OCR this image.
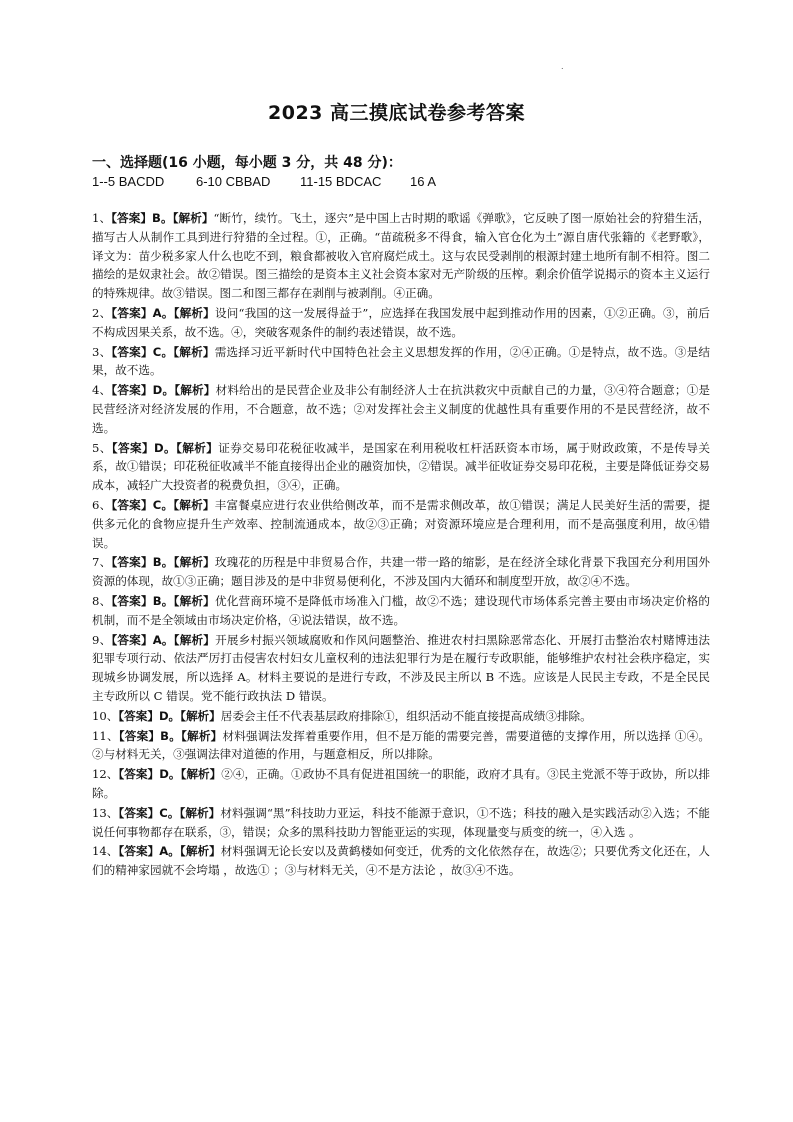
.
2023 高三摸底试卷参考答案
一、选择题(16 小题，每小题 3 分，共 48 分)：
1--5 BACDD 6-10 CBBAD 11-15 BDCAC 16 A

1、【答案】B。【解析】“断竹，续竹。飞土，逐宍”是中国上古时期的歌谣《弹歌》，它反映了图一原始社会的狩猎生活，描写古人从制作工具到进行狩猎的全过程。①，正确。“苗疏税多不得食，输入官仓化为土”源自唐代张籍的《老野歌》，译文为：苗少税多家人什么也吃不到，粮食都被收入官府腐烂成土。这与农民受剥削的根源封建土地所有制不相符。图二描绘的是奴隶社会。故②错误。图三描绘的是资本主义社会资本家对无产阶级的压榨。剩余价值学说揭示的资本主义运行的特殊规律。故③错误。图二和图三都存在剥削与被剥削。④正确。

2、【答案】A。【解析】设问“我国的这一发展得益于”，应选择在我国发展中起到推动作用的因素，①②正确。③，前后不构成因果关系，故不选。④，突破客观条件的制约表述错误，故不选。

3、【答案】C。【解析】需选择习近平新时代中国特色社会主义思想发挥的作用，②④正确。①是特点，故不选。③是结果，故不选。

4、【答案】D。【解析】材料给出的是民营企业及非公有制经济人士在抗洪救灾中贡献自己的力量，③④符合题意；①是民营经济对经济发展的作用，不合题意，故不选；②对发挥社会主义制度的优越性具有重要作用的不是民营经济，故不选。

5、【答案】D。【解析】证券交易印花税征收减半，是国家在利用税收杠杆活跃资本市场，属于财政政策，不是传导关系，故①错误；印花税征收减半不能直接得出企业的融资加快，②错误。减半征收证券交易印花税，主要是降低证券交易成本，减轻广大投资者的税费负担，③④，正确。

6、【答案】C。【解析】丰富餐桌应进行农业供给侧改革，而不是需求侧改革，故①错误；满足人民美好生活的需要，提供多元化的食物应提升生产效率、控制流通成本，故②③正确；对资源环境应是合理利用，而不是高强度利用，故④错误。

7、【答案】B。【解析】玫瑰花的历程是中非贸易合作，共建一带一路的缩影，是在经济全球化背景下我国充分利用国外资源的体现，故①③正确；题目涉及的是中非贸易便利化，不涉及国内大循环和制度型开放，故②④不选。

8、【答案】B。【解析】优化营商环境不是降低市场准入门槛，故②不选；建设现代市场体系完善主要由市场决定价格的机制，而不是全领域由市场决定价格，④说法错误，故不选。

9、【答案】A。【解析】开展乡村振兴领域腐败和作风问题整治、推进农村扫黑除恶常态化、开展打击整治农村赌博违法犯罪专项行动、依法严厉打击侵害农村妇女儿童权利的违法犯罪行为是在履行专政职能，能够维护农村社会秩序稳定，实现城乡协调发展，所以选择 A。材料主要说的是进行专政，不涉及民主所以 B 不选。应该是人民民主专政，不是全民民主专政所以 C 错误。党不能行政执法 D 错误。

10、【答案】D。【解析】居委会主任不代表基层政府排除①，组织活动不能直接提高成绩③排除。

11、【答案】B。【解析】材料强调法发挥着重要作用，但不是万能的需要完善，需要道德的支撑作用，所以选择 ①④。②与材料无关，③强调法律对道德的作用，与题意相反，所以排除。

12、【答案】D。【解析】②④，正确。①政协不具有促进祖国统一的职能，政府才具有。③民主党派不等于政协，所以排除。

13、【答案】C。【解析】材料强调“黑”科技助力亚运，科技不能源于意识，①不选；科技的融入是实践活动②入选；不能说任何事物都存在联系，③，错误；众多的黑科技助力智能亚运的实现，体现量变与质变的统一，④入选 。

14、【答案】A。【解析】材料强调无论长安以及黄鹤楼如何变迁，优秀的文化依然存在，故选②；只要优秀文化还在，人们的精神家园就不会垮塌 ，故选① ；③与材料无关，④不是方法论 ，故③④不选。
